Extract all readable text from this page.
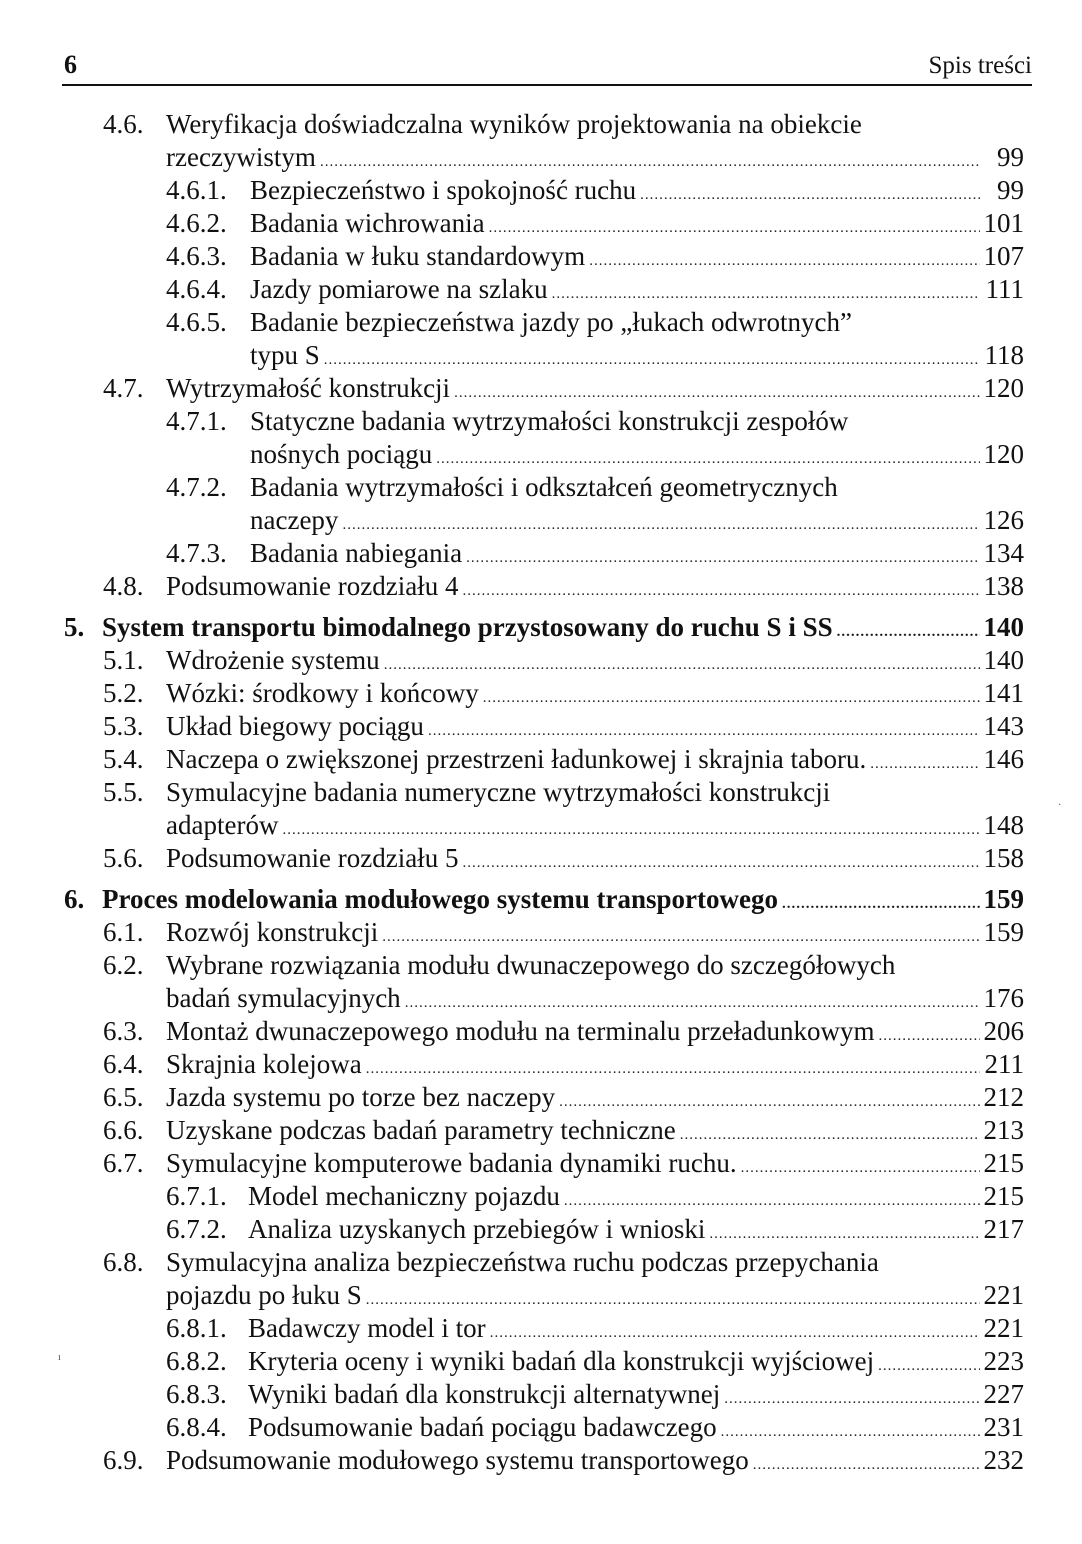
6	Spis treści
4.6. Weryfikacja doświadczalna wyników projektowania na obiekcie
rzeczywistym .....	99
4.6.1. Bezpieczeństwo i spokojność ruchu .....	99
4.6.2. Badania wichrowania .....	101
4.6.3. Badania w łuku standardowym .....	107
4.6.4. Jazdy pomiarowe na szlaku .....	111
4.6.5. Badanie bezpieczeństwa jazdy po „łukach odwrotnych”
typu S .....	118
4.7. Wytrzymałość konstrukcji .....	120
4.7.1. Statyczne badania wytrzymałości konstrukcji zespołów
nośnych pociągu .....	120
4.7.2. Badania wytrzymałości i odkształceń geometrycznych
naczepy .....	126
4.7.3. Badania nabiegania .....	134
4.8. Podsumowanie rozdziału 4 .....	138
5. System transportu bimodalnego przystosowany do ruchu S i SS .....	140
5.1. Wdrożenie systemu .....	140
5.2. Wózki: środkowy i końcowy .....	141
5.3. Układ biegowy pociągu .....	143
5.4. Naczepa o zwiększonej przestrzeni ładunkowej i skrajnia taboru. .....	146
5.5. Symulacyjne badania numeryczne wytrzymałości konstrukcji
adapterów .....	148
5.6. Podsumowanie rozdziału 5 .....	158
6. Proces modelowania modułowego systemu transportowego .....	159
6.1. Rozwój konstrukcji .....	159
6.2. Wybrane rozwiązania modułu dwunaczepowego do szczegółowych
badań symulacyjnych .....	176
6.3. Montaż dwunaczepowego modułu na terminalu przeładunkowym .....	206
6.4. Skrajnia kolejowa .....	211
6.5. Jazda systemu po torze bez naczepy .....	212
6.6. Uzyskane podczas badań parametry techniczne .....	213
6.7. Symulacyjne komputerowe badania dynamiki ruchu. .....	215
6.7.1. Model mechaniczny pojazdu .....	215
6.7.2. Analiza uzyskanych przebiegów i wnioski .....	217
6.8. Symulacyjna analiza bezpieczeństwa ruchu podczas przepychania
pojazdu po łuku S .....	221
6.8.1. Badawczy model i tor .....	221
6.8.2. Kryteria oceny i wyniki badań dla konstrukcji wyjściowej .....	223
6.8.3. Wyniki badań dla konstrukcji alternatywnej .....	227
6.8.4. Podsumowanie badań pociągu badawczego .....	231
6.9. Podsumowanie modułowego systemu transportowego .....	232
·
ı
